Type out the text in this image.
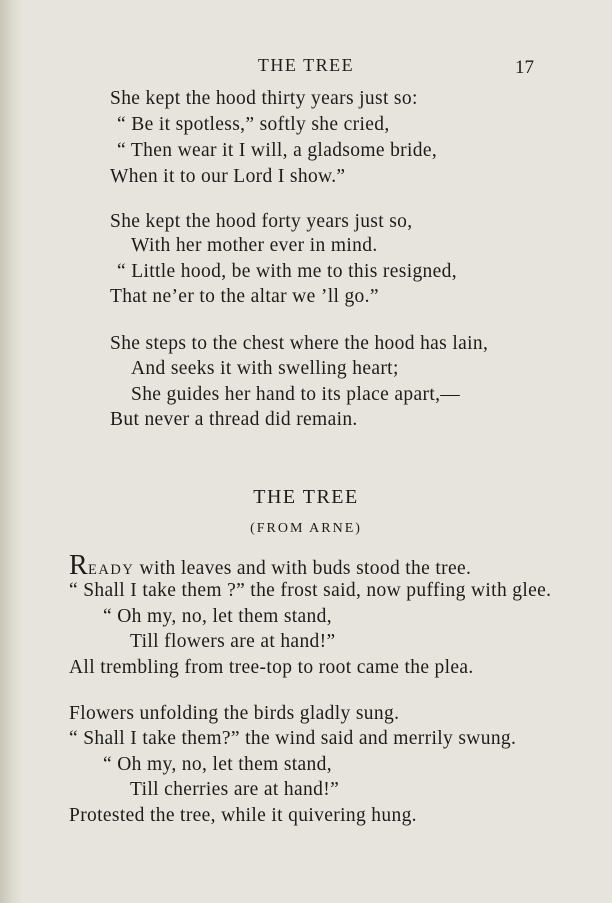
THE TREE	17
She kept the hood thirty years just so:
“ Be it spotless,” softly she cried,
“ Then wear it I will, a gladsome bride,
When it to our Lord I show.”
She kept the hood forty years just so,
With her mother ever in mind.
“ Little hood, be with me to this resigned,
That ne’er to the altar we ’ll go.”
She steps to the chest where the hood has lain,
And seeks it with swelling heart;
She guides her hand to its place apart,—
But never a thread did remain.
THE TREE
(FROM ARNE)
READY with leaves and with buds stood the tree.
“ Shall I take them ?” the frost said, now puffing with glee.
“ Oh my, no, let them stand,
Till flowers are at hand!”
All trembling from tree-top to root came the plea.
Flowers unfolding the birds gladly sung.
“ Shall I take them?” the wind said and merrily swung.
“ Oh my, no, let them stand,
Till cherries are at hand!”
Protested the tree, while it quivering hung.
